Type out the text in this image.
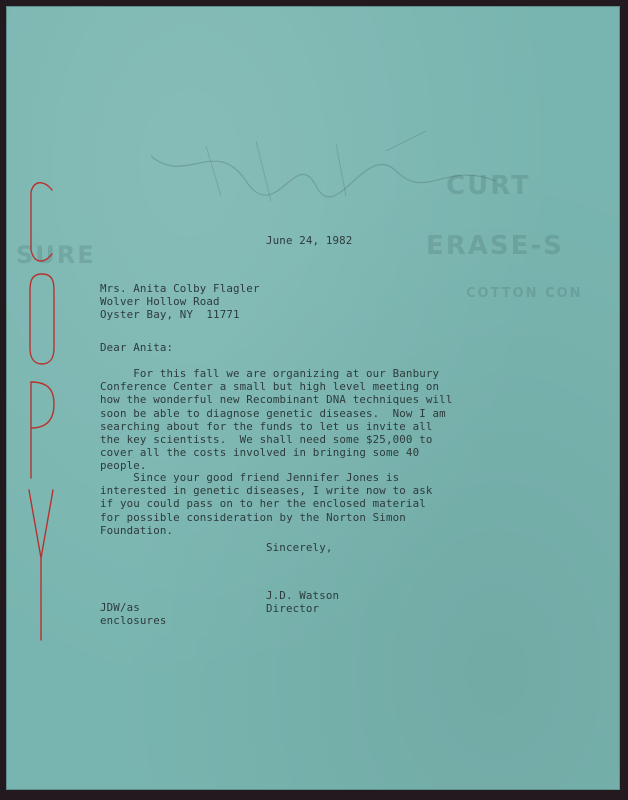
ERASE-S
COTTON CON
CURT
SURE
June 24, 1982
Mrs. Anita Colby Flagler
Wolver Hollow Road
Oyster Bay, NY  11771
Dear Anita:
For this fall we are organizing at our Banbury
Conference Center a small but high level meeting on
how the wonderful new Recombinant DNA techniques will
soon be able to diagnose genetic diseases.  Now I am
searching about for the funds to let us invite all
the key scientists.  We shall need some $25,000 to
cover all the costs involved in bringing some 40
people.
Since your good friend Jennifer Jones is
interested in genetic diseases, I write now to ask
if you could pass on to her the enclosed material
for possible consideration by the Norton Simon
Foundation.
Sincerely,
J.D. Watson
Director
JDW/as
enclosures
